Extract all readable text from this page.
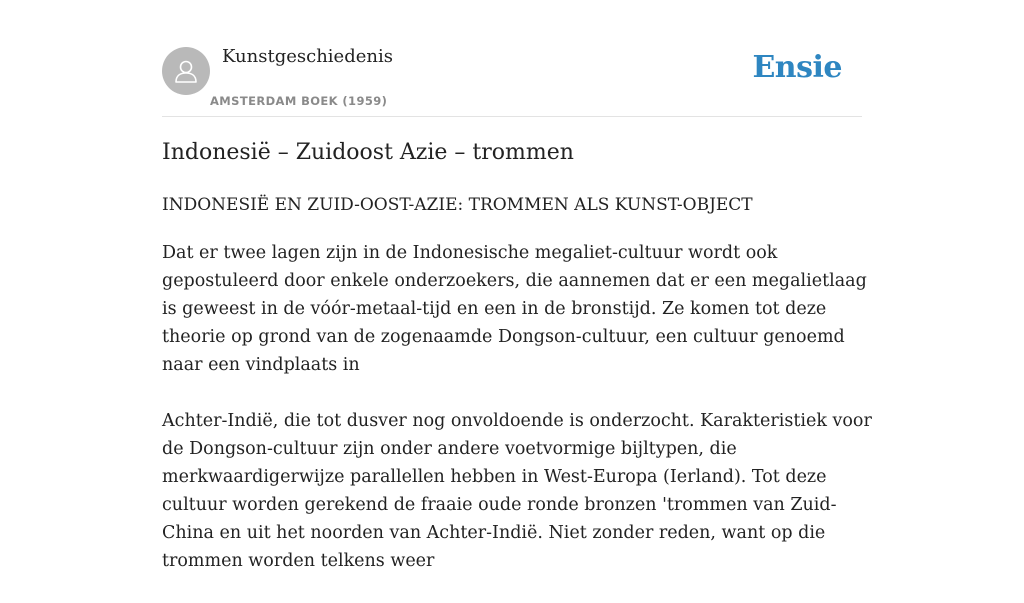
Kunstgeschiedenis
AMSTERDAM BOEK (1959)
Ensie
Indonesië – Zuidoost Azie – trommen
INDONESIË EN ZUID-OOST-AZIE: TROMMEN ALS KUNST-OBJECT

Dat er twee lagen zijn in de Indonesische megaliet-cultuur wordt ook gepostuleerd door enkele onderzoekers, die aannemen dat er een megalietlaag is geweest in de vóór-metaal-tijd en een in de bronstijd. Ze komen tot deze theorie op grond van de zogenaamde Dongson-cultuur, een cultuur genoemd naar een vindplaats in

Achter-Indië, die tot dusver nog onvoldoende is onderzocht. Karakteristiek voor de Dongson-cultuur zijn onder andere voetvormige bijltypen, die merkwaardigerwijze parallellen hebben in West-Europa (Ierland). Tot deze cultuur worden gerekend de fraaie oude ronde bronzen 'trommen van Zuid-China en uit het noorden van Achter-Indië. Niet zonder reden, want op die trommen worden telkens weer
